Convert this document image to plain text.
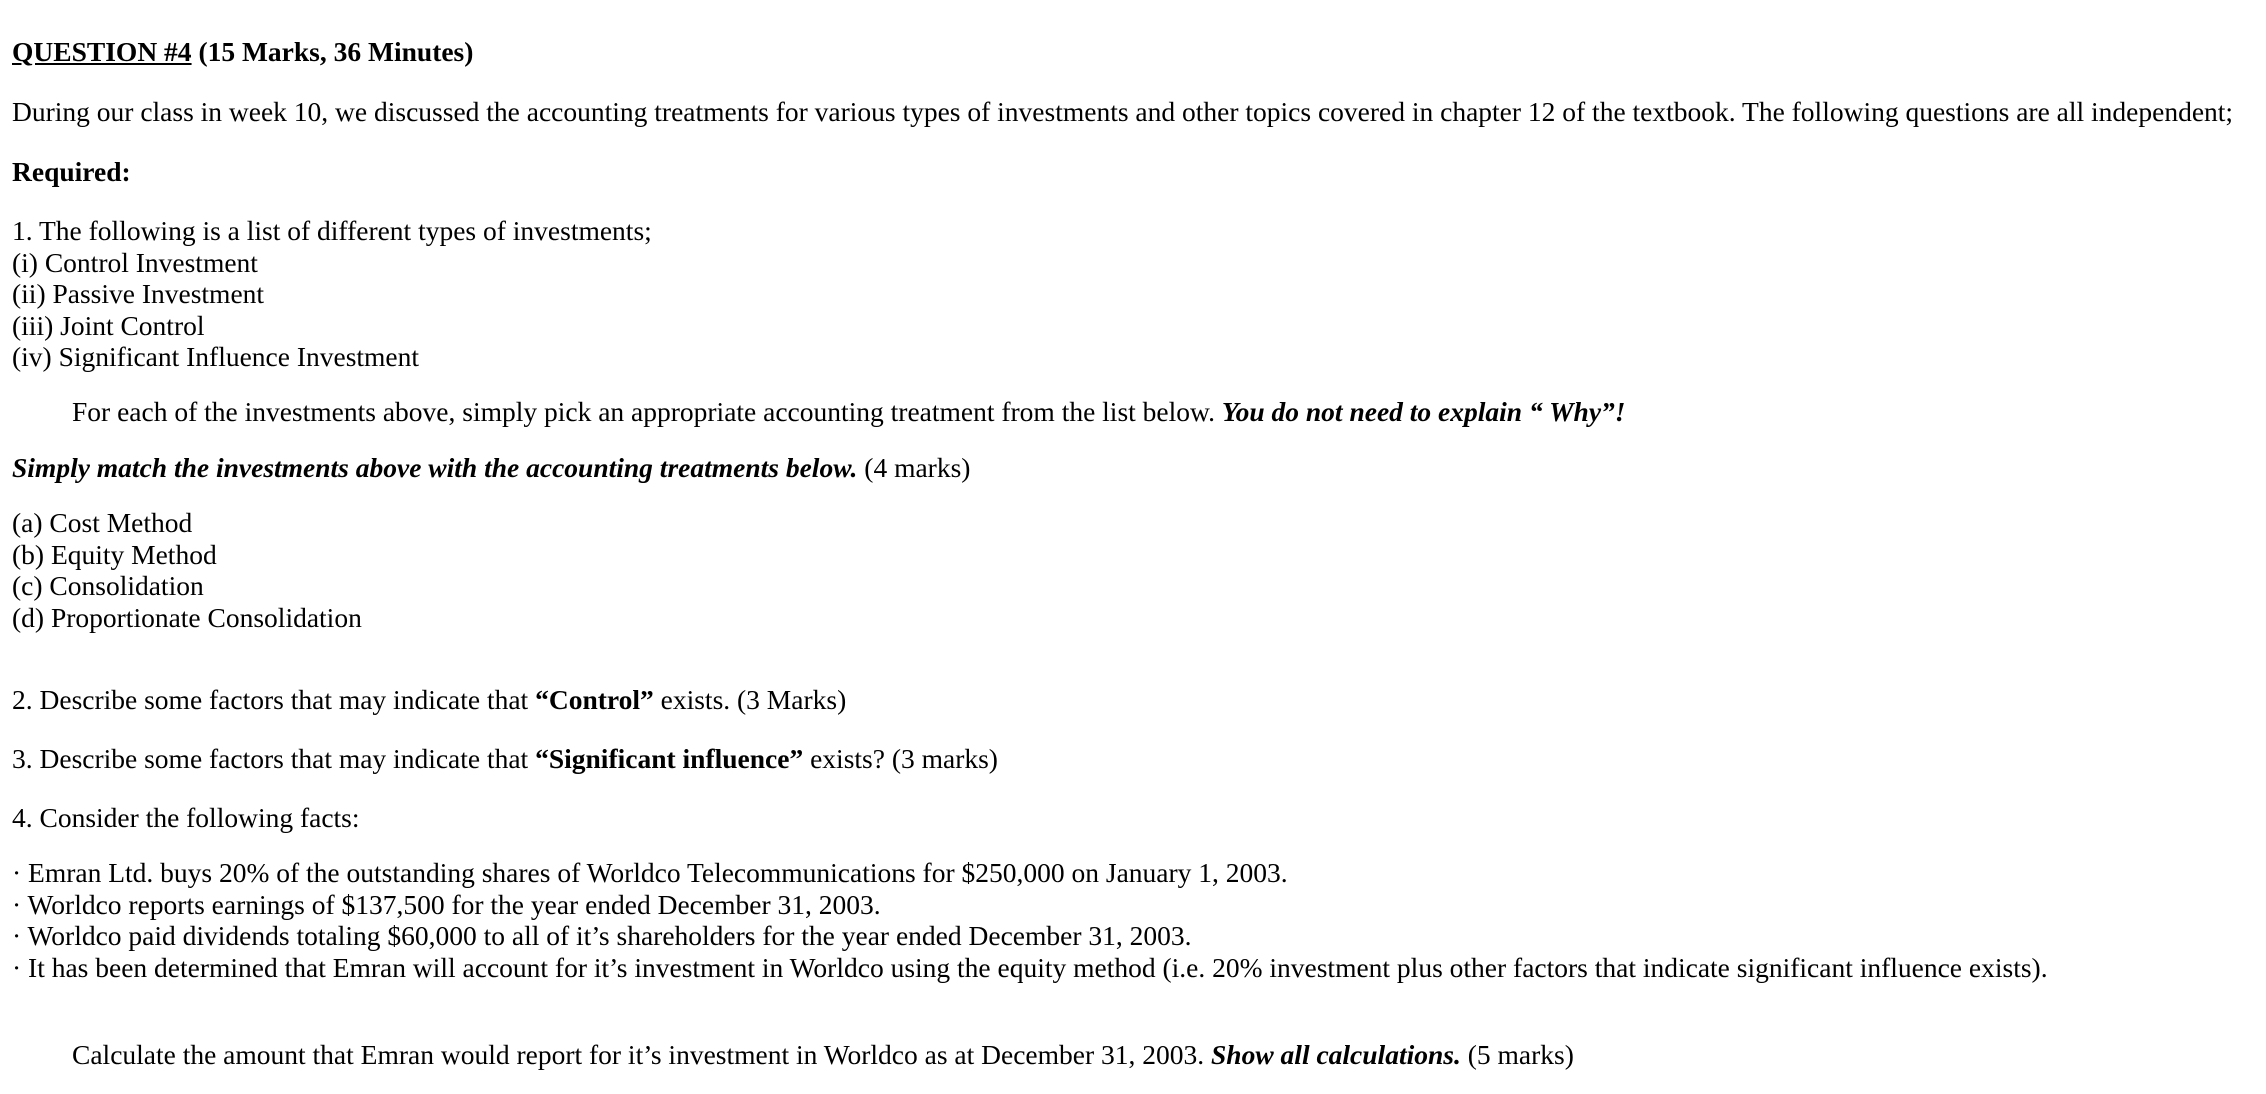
QUESTION #4 (15 Marks, 36 Minutes)
During our class in week 10, we discussed the accounting treatments for various types of investments and other topics covered in chapter 12 of the textbook. The following questions are all independent;
Required:
1. The following is a list of different types of investments;
(i) Control Investment
(ii) Passive Investment
(iii) Joint Control
(iv) Significant Influence Investment
For each of the investments above, simply pick an appropriate accounting treatment from the list below. You do not need to explain “ Why”!
Simply match the investments above with the accounting treatments below. (4 marks)
(a) Cost Method
(b) Equity Method
(c) Consolidation
(d) Proportionate Consolidation
2. Describe some factors that may indicate that “Control” exists. (3 Marks)
3. Describe some factors that may indicate that “Significant influence” exists? (3 marks)
4. Consider the following facts:
· Emran Ltd. buys 20% of the outstanding shares of Worldco Telecommunications for $250,000 on January 1, 2003.
· Worldco reports earnings of $137,500 for the year ended December 31, 2003.
· Worldco paid dividends totaling $60,000 to all of it’s shareholders for the year ended December 31, 2003.
· It has been determined that Emran will account for it’s investment in Worldco using the equity method (i.e. 20% investment plus other factors that indicate significant influence exists).
Calculate the amount that Emran would report for it’s investment in Worldco as at December 31, 2003. Show all calculations. (5 marks)
